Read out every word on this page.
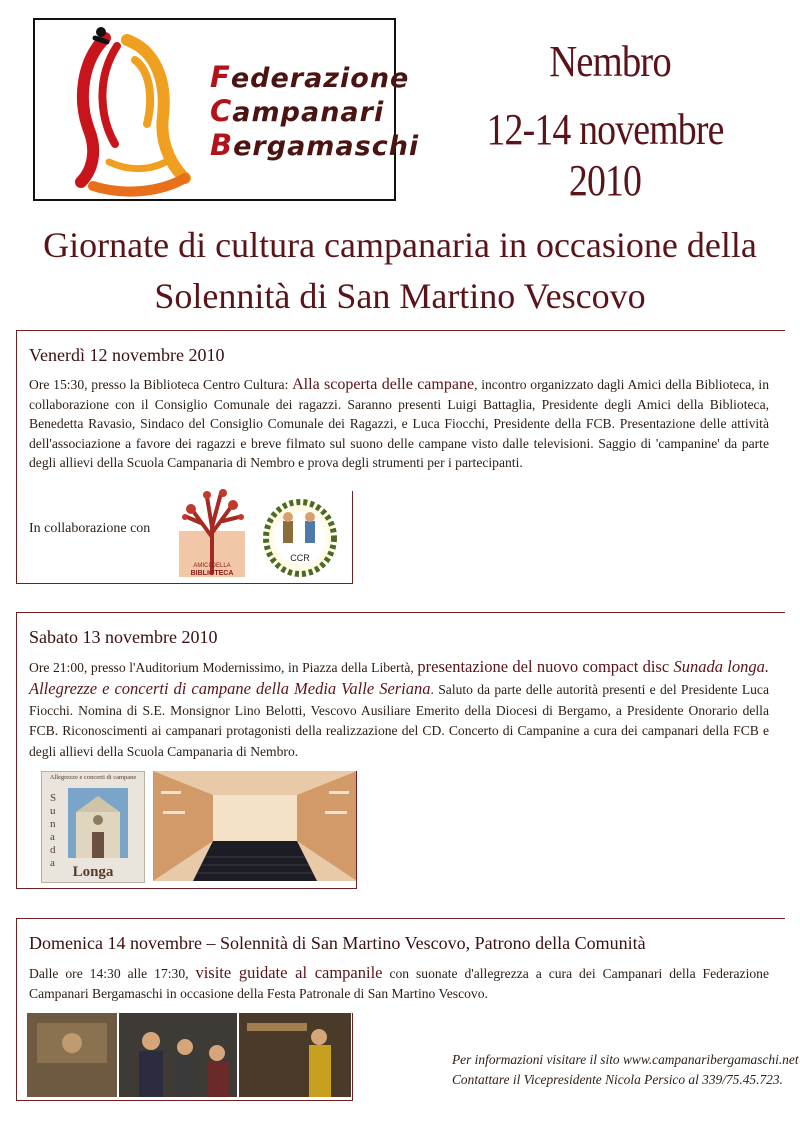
Federazione
Campanari
Bergamaschi
Nembro
12-14 novembre 2010
Giornate di cultura campanaria in occasione della
Solennità di San Martino Vescovo
Venerdì 12 novembre 2010

Ore 15:30, presso la Biblioteca Centro Cultura: Alla scoperta delle campane, incontro organizzato dagli Amici della Biblioteca, in collaborazione con il Consiglio Comunale dei ragazzi. Saranno presenti Luigi Battaglia, Presidente degli Amici della Biblioteca, Benedetta Ravasio, Sindaco del Consiglio Comunale dei Ragazzi, e Luca Fiocchi, Presidente della FCB. Presentazione delle attività dell'associazione a favore dei ragazzi e breve filmato sul suono delle campane visto dalle televisioni. Saggio di 'campanine' da parte degli allievi della Scuola Campanaria di Nembro e prova degli strumenti per i partecipanti.

In collaborazione con
AMICI DELLA
BIBLIOTECA
CCR
Sabato 13 novembre 2010

Ore 21:00, presso l'Auditorium Modernissimo, in Piazza della Libertà, presentazione del nuovo compact disc Sunada longa. Allegrezze e concerti di campane della Media Valle Seriana. Saluto da parte delle autorità presenti e del Presidente Luca Fiocchi. Nomina di S.E. Monsignor Lino Belotti, Vescovo Ausiliare Emerito della Diocesi di Bergamo, a Presidente Onorario della FCB. Riconoscimenti ai campanari protagonisti della realizzazione del CD. Concerto di Campanine a cura dei campanari della FCB e degli allievi della Scuola Campanaria di Nembro.

Allegrezze e concerti di campane
Sunada
Longa
Domenica 14 novembre – Solennità di San Martino Vescovo, Patrono della Comunità

Dalle ore 14:30 alle 17:30, visite guidate al campanile con suonate d'allegrezza a cura dei Campanari della Federazione Campanari Bergamaschi in occasione della Festa Patronale di San Martino Vescovo.

Per informazioni visitare il sito www.campanaribergamaschi.net
Contattare il Vicepresidente Nicola Persico al 339/75.45.723.
